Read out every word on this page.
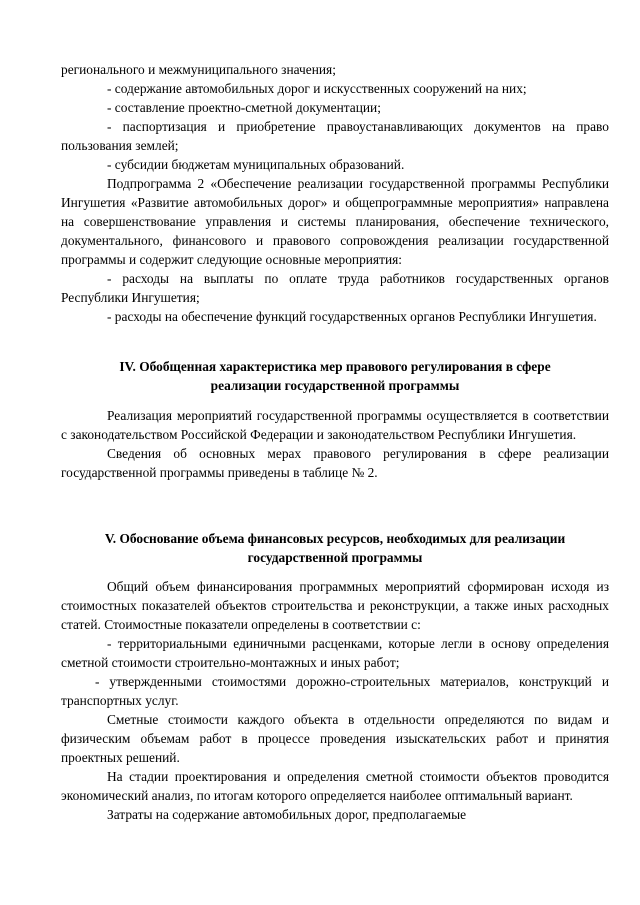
регионального и межмуниципального значения;

- содержание автомобильных дорог и искусственных сооружений на них;

- составление проектно-сметной документации;

- паспортизация и приобретение правоустанавливающих документов на право пользования землей;

- субсидии бюджетам муниципальных образований.

Подпрограмма 2 «Обеспечение реализации государственной программы Республики Ингушетия «Развитие автомобильных дорог» и общепрограммные мероприятия» направлена на совершенствование управления и системы планирования, обеспечение технического, документального, финансового и правового сопровождения реализации государственной программы и содержит следующие основные мероприятия:

- расходы на выплаты по оплате труда работников государственных органов Республики Ингушетия;

- расходы на обеспечение функций государственных органов Республики Ингушетия.

IV. Обобщенная характеристика мер правового регулирования в сфере
реализации государственной программы

Реализация мероприятий государственной программы осуществляется в соответствии с законодательством Российской Федерации и законодательством Республики Ингушетия.

Сведения об основных мерах правового регулирования в сфере реализации государственной программы приведены в таблице № 2.

V. Обоснование объема финансовых ресурсов, необходимых для реализации
государственной программы

Общий объем финансирования программных мероприятий сформирован исходя из стоимостных показателей объектов строительства и реконструкции, а также иных расходных статей. Стоимостные показатели определены в соответствии с:

- территориальными единичными расценками, которые легли в основу определения сметной стоимости строительно-монтажных и иных работ;

- утвержденными стоимостями дорожно-строительных материалов, конструкций и транспортных услуг.

Сметные стоимости каждого объекта в отдельности определяются по видам и физическим объемам работ в процессе проведения изыскательских работ и принятия проектных решений.

На стадии проектирования и определения сметной стоимости объектов проводится экономический анализ, по итогам которого определяется наиболее оптимальный вариант.

Затраты на содержание автомобильных дорог, предполагаемые
